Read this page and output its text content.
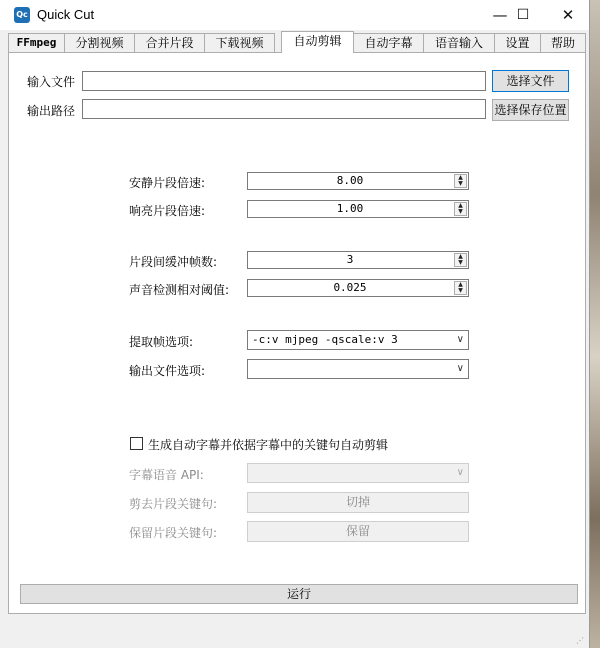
Qc Quick Cut	— ☐	✕
FFmpeg	分割视频	合并片段	下载视频	自动剪辑	自动字幕	语音输入	设置	帮助
输入文件	选择文件
输出路径	选择保存位置
安静片段倍速:	8.00	▲
▼
响亮片段倍速:	1.00	▲
▼
片段间缓冲帧数:	3	▲
▼
声音检测相对阈值:	0.025	▲
▼
提取帧选项:	-c:v mjpeg -qscale:v 3	∨
输出文件选项:	∨
生成自动字幕并依据字幕中的关键句自动剪辑
字幕语音 API:	∨
剪去片段关键句:	切掉
保留片段关键句:	保留
运行
⋰
